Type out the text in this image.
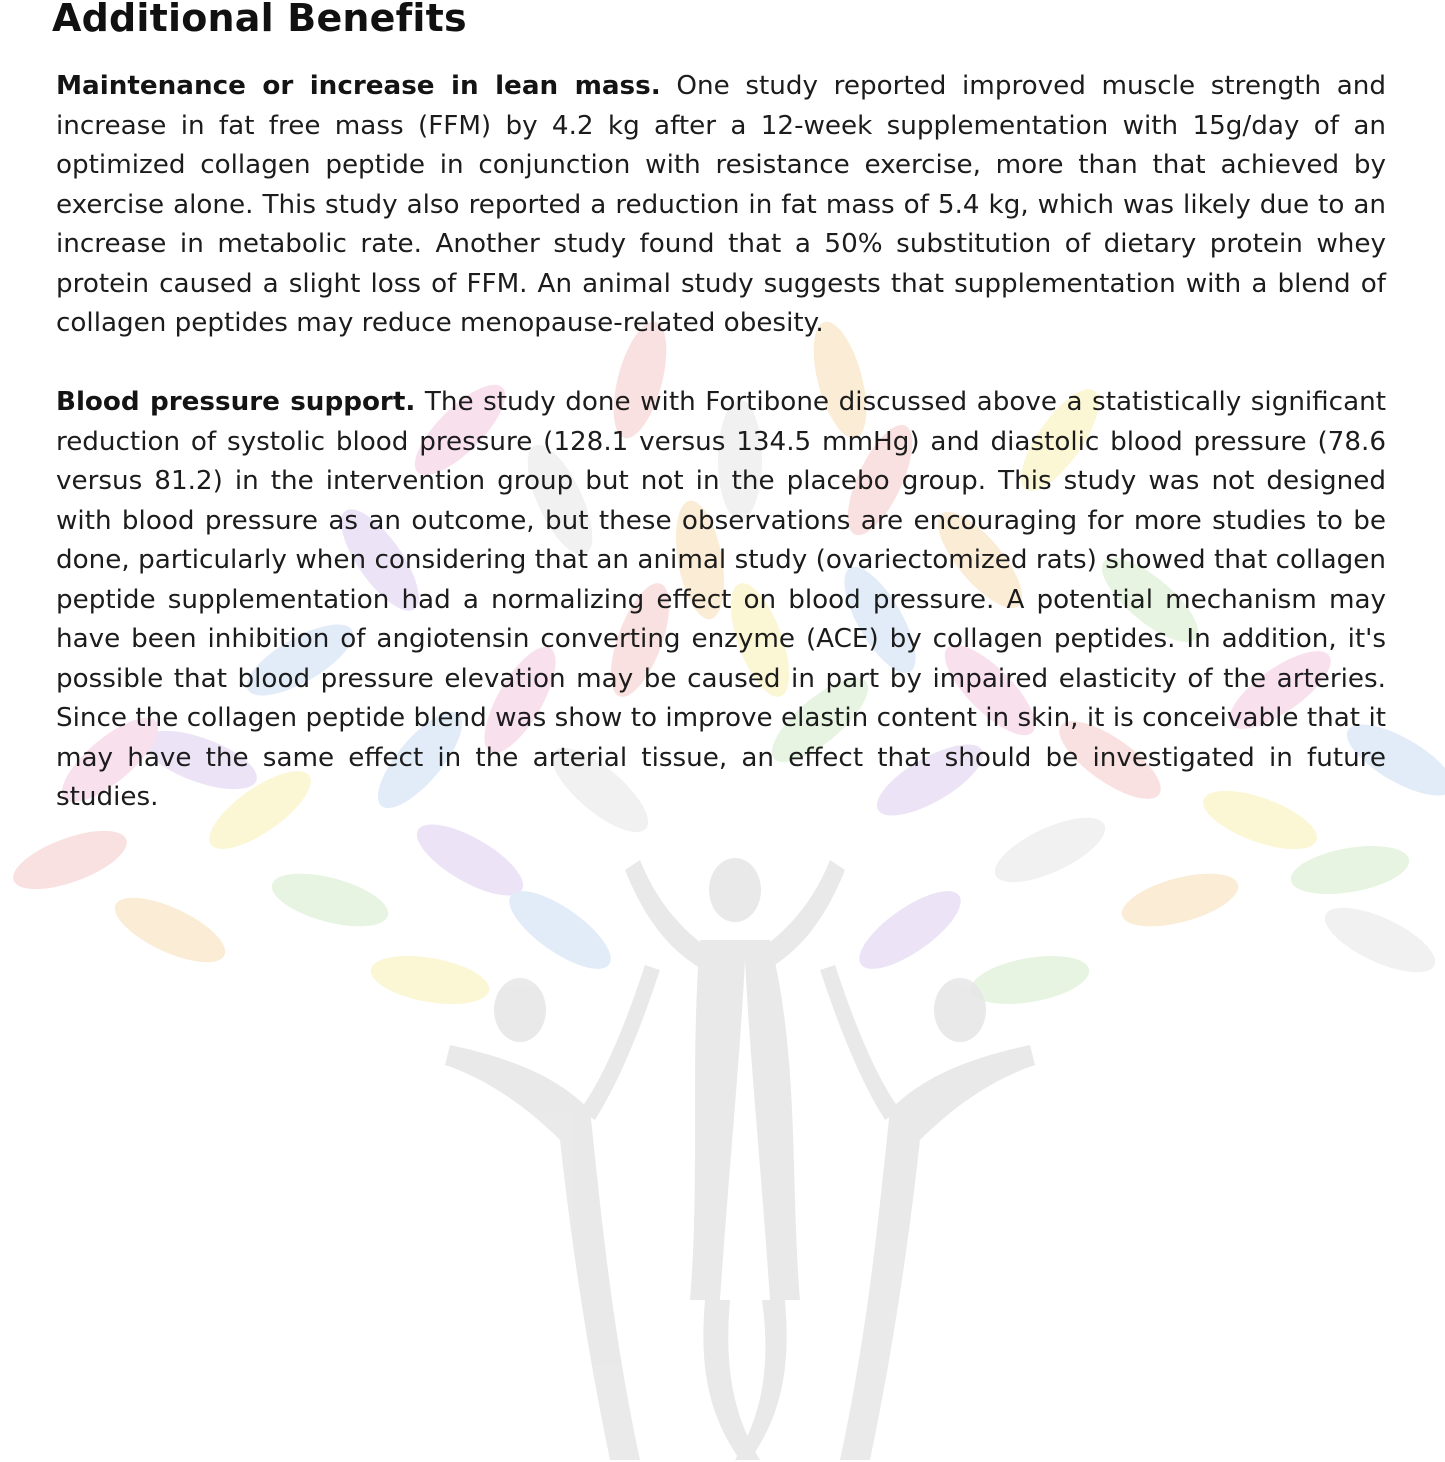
Additional Benefits

Maintenance or increase in lean mass. One study reported improved muscle strength and increase in fat free mass (FFM) by 4.2 kg after a 12-week supplementation with 15g/day of an optimized collagen peptide in conjunction with resistance exercise, more than that achieved by exercise alone. This study also reported a reduction in fat mass of 5.4 kg, which was likely due to an increase in metabolic rate. Another study found that a 50% substitution of dietary protein whey protein caused a slight loss of FFM. An animal study suggests that supplementation with a blend of collagen peptides may reduce menopause-related obesity.

Blood pressure support. The study done with Fortibone discussed above a statistically significant reduction of systolic blood pressure (128.1 versus 134.5 mmHg) and diastolic blood pressure (78.6 versus 81.2) in the intervention group but not in the placebo group. This study was not designed with blood pressure as an outcome, but these observations are encouraging for more studies to be done, particularly when considering that an animal study (ovariectomized rats) showed that collagen peptide supplementation had a normalizing effect on blood pressure. A potential mechanism may have been inhibition of angiotensin converting enzyme (ACE) by collagen peptides. In addition, it's possible that blood pressure elevation may be caused in part by impaired elasticity of the arteries. Since the collagen peptide blend was show to improve elastin content in skin, it is conceivable that it may have the same effect in the arterial tissue, an effect that should be investigated in future studies.
